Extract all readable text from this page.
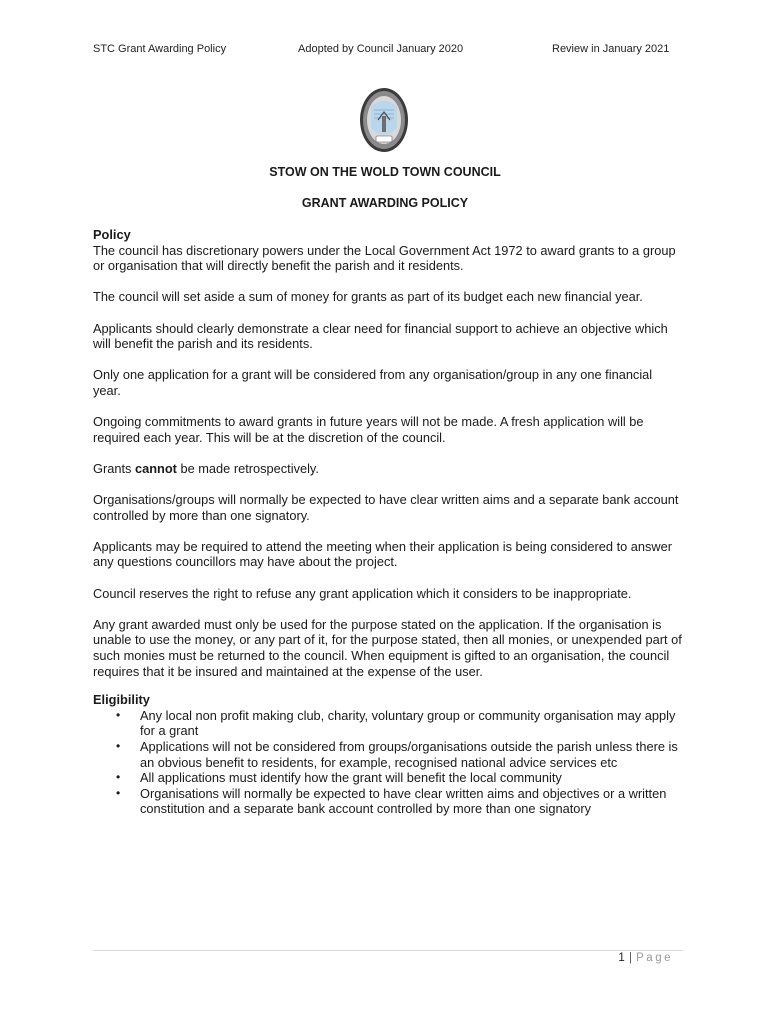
STC Grant Awarding Policy	Adopted by Council January 2020	Review in January 2021
STOW ON THE WOLD TOWN COUNCIL
GRANT AWARDING POLICY

Policy

The council has discretionary powers under the Local Government Act 1972 to award grants to a group or organisation that will directly benefit the parish and it residents.

The council will set aside a sum of money for grants as part of its budget each new financial year.

Applicants should clearly demonstrate a clear need for financial support to achieve an objective which will benefit the parish and its residents.

Only one application for a grant will be considered from any organisation/group in any one financial year.

Ongoing commitments to award grants in future years will not be made. A fresh application will be required each year. This will be at the discretion of the council.

Grants cannot be made retrospectively.

Organisations/groups will normally be expected to have clear written aims and a separate bank account controlled by more than one signatory.

Applicants may be required to attend the meeting when their application is being considered to answer any questions councillors may have about the project.

Council reserves the right to refuse any grant application which it considers to be inappropriate.

Any grant awarded must only be used for the purpose stated on the application. If the organisation is unable to use the money, or any part of it, for the purpose stated, then all monies, or unexpended part of such monies must be returned to the council. When equipment is gifted to an organisation, the council requires that it be insured and maintained at the expense of the user.

Eligibility

• Any local non profit making club, charity, voluntary group or community organisation may apply for a grant
• Applications will not be considered from groups/organisations outside the parish unless there is an obvious benefit to residents, for example, recognised national advice services etc
• All applications must identify how the grant will benefit the local community
• Organisations will normally be expected to have clear written aims and objectives or a written constitution and a separate bank account controlled by more than one signatory
1 | Page
